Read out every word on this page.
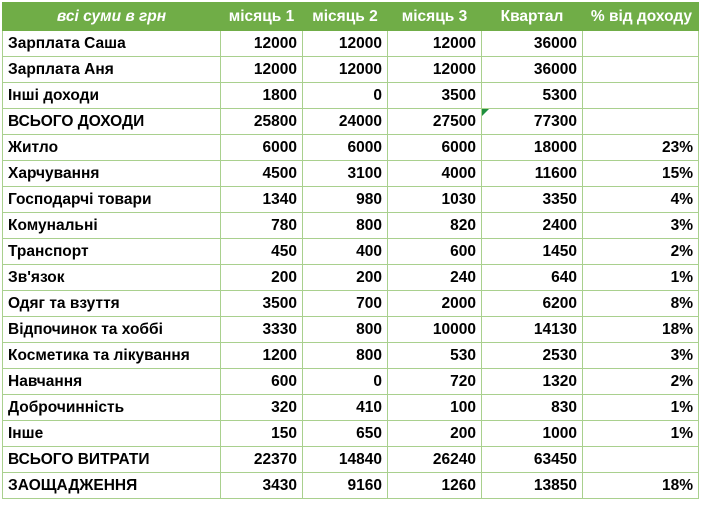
всі суми в грн	місяць 1	місяць 2	місяць 3	Квартал	% від доходу
Зарплата Саша	12000	12000	12000	36000	
Зарплата Аня	12000	12000	12000	36000	
Інші доходи	1800	0	3500	5300	
ВСЬОГО ДОХОДИ	25800	24000	27500	77300	
Житло	6000	6000	6000	18000	23%
Харчування	4500	3100	4000	11600	15%
Господарчі товари	1340	980	1030	3350	4%
Комунальні	780	800	820	2400	3%
Транспорт	450	400	600	1450	2%
Зв'язок	200	200	240	640	1%
Одяг та взуття	3500	700	2000	6200	8%
Відпочинок та хоббі	3330	800	10000	14130	18%
Косметика та лікування	1200	800	530	2530	3%
Навчання	600	0	720	1320	2%
Доброчинність	320	410	100	830	1%
Інше	150	650	200	1000	1%
ВСЬОГО ВИТРАТИ	22370	14840	26240	63450	
ЗАОЩАДЖЕННЯ	3430	9160	1260	13850	18%
